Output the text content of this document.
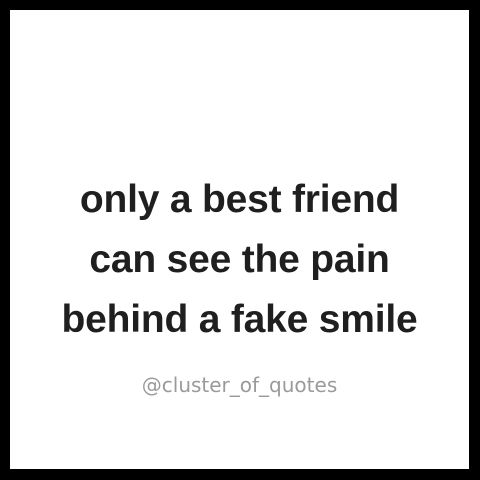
only a best friend
can see the pain
behind a fake smile
@cluster_of_quotes
